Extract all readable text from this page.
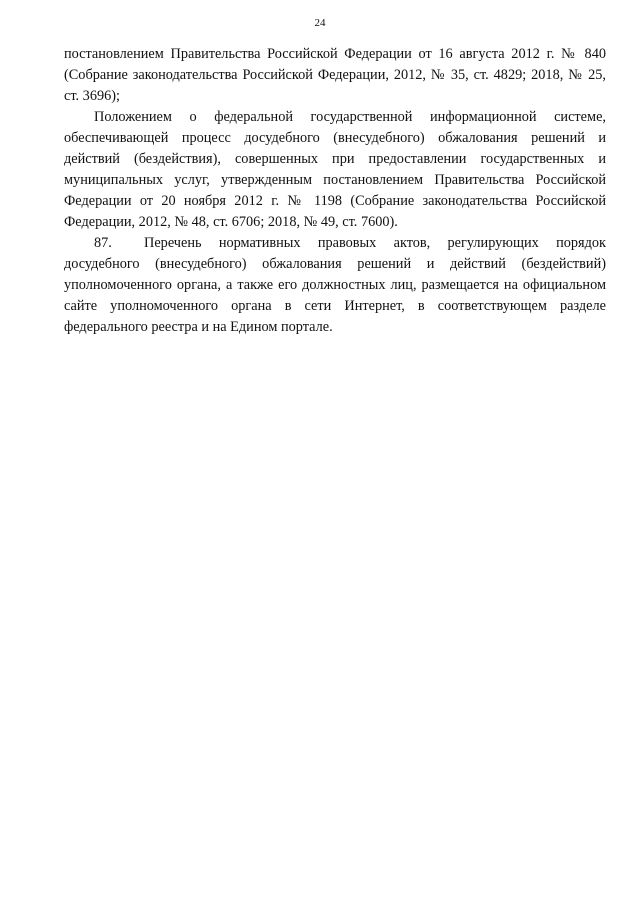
24

постановлением Правительства Российской Федерации от 16 августа 2012 г. № 840 (Собрание законодательства Российской Федерации, 2012, № 35, ст. 4829; 2018, № 25, ст. 3696);

Положением о федеральной государственной информационной системе, обеспечивающей процесс досудебного (внесудебного) обжалования решений и действий (бездействия), совершенных при предоставлении государственных и муниципальных услуг, утвержденным постановлением Правительства Российской Федерации от 20 ноября 2012 г. № 1198 (Собрание законодательства Российской Федерации, 2012, № 48, ст. 6706; 2018, № 49, ст. 7600).

87. Перечень нормативных правовых актов, регулирующих порядок досудебного (внесудебного) обжалования решений и действий (бездействий) уполномоченного органа, а также его должностных лиц, размещается на официальном сайте уполномоченного органа в сети Интернет, в соответствующем разделе федерального реестра и на Едином портале.
